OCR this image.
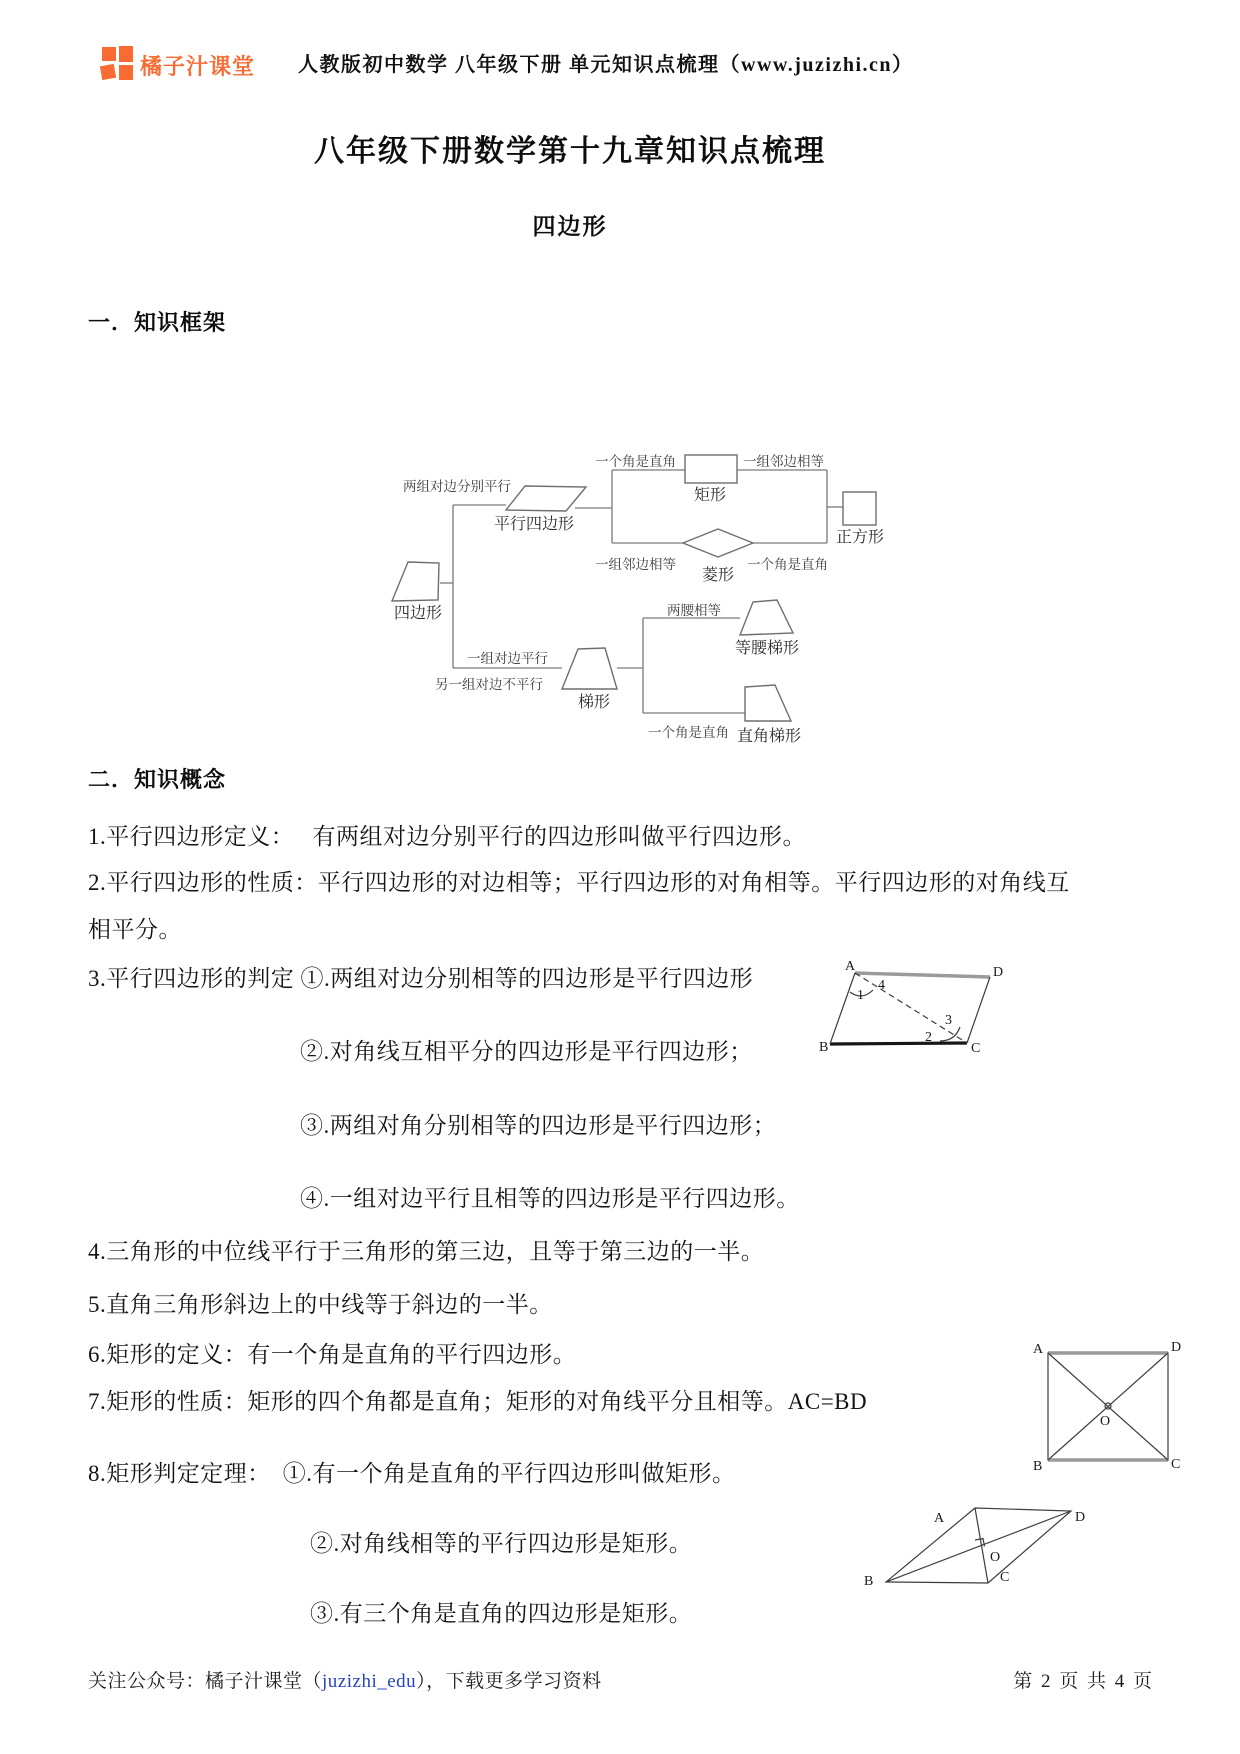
橘子汁课堂 人教版初中数学 八年级下册 单元知识点梳理（www.juzizhi.cn）
八年级下册数学第十九章知识点梳理
四边形
一．知识框架
四边形
平行四边形
矩形
菱形
正方形
梯形
等腰梯形
直角梯形
两组对边分别平行
一个角是直角	一组邻边相等
一组邻边相等	一个角是直角
一组对边平行
另一组对边不平行
两腰相等
一个角是直角
二．知识概念
1.平行四边形定义：　 有两组对边分别平行的四边形叫做平行四边形。
2.平行四边形的性质：平行四边形的对边相等；平行四边形的对角相等。平行四边形的对角线互
相平分。
3.平行四边形的判定 ①.两组对边分别相等的四边形是平行四边形
②.对角线互相平分的四边形是平行四边形；
③.两组对角分别相等的四边形是平行四边形；
④.一组对边平行且相等的四边形是平行四边形。
4.三角形的中位线平行于三角形的第三边，且等于第三边的一半。
5.直角三角形斜边上的中线等于斜边的一半。
6.矩形的定义：有一个角是直角的平行四边形。
7.矩形的性质：矩形的四个角都是直角；矩形的对角线平分且相等。AC=BD
8.矩形判定定理：　①.有一个角是直角的平行四边形叫做矩形。
②.对角线相等的平行四边形是矩形。
③.有三个角是直角的四边形是矩形。
A	D
B	C
1
4
3
2
A	D
B	C
O
A	D
B	C
O
关注公众号：橘子汁课堂（juzizhi_edu），下载更多学习资料	第 2 页 共 4 页
